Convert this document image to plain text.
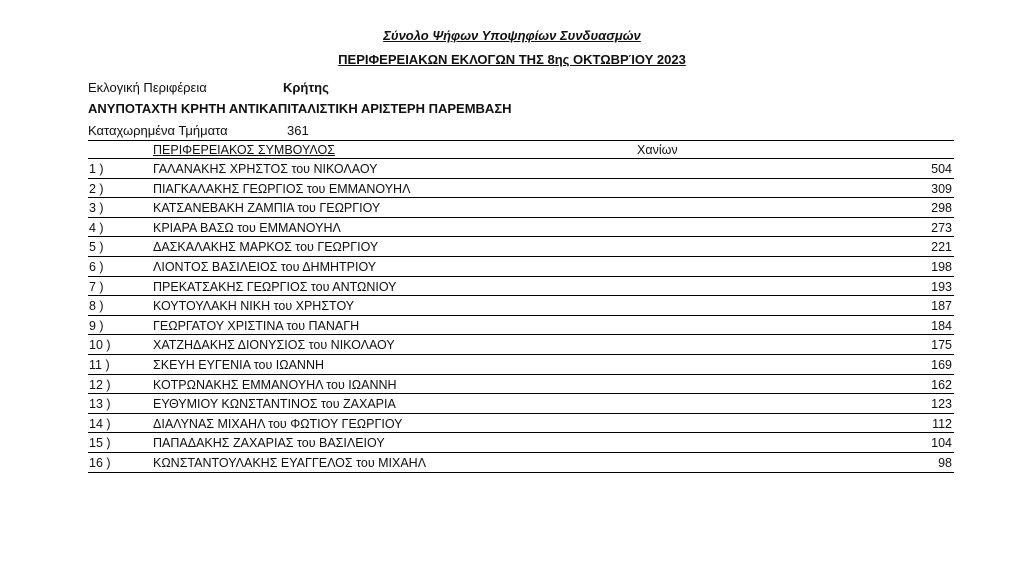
Σύνολο Ψήφων Υποψηφίων Συνδυασμών
ΠΕΡΙΦΕΡΕΙΑΚΩΝ ΕΚΛΟΓΩΝ ΤΗΣ 8ης ΟΚΤΩΒΡΊΟΥ 2023
Εκλογική Περιφέρεια	Κρήτης
ΑΝΥΠΟΤΑΧΤΗ ΚΡΗΤΗ ΑΝΤΙΚΑΠΙΤΑΛΙΣΤΙΚΗ ΑΡΙΣΤΕΡΗ ΠΑΡΕΜΒΑΣΗ
Καταχωρημένα Τμήματα	361
ΠΕΡΙΦΕΡΕΙΑΚΟΣ ΣΥΜΒΟΥΛΟΣ	Χανίων
1 )	ΓΑΛΑΝΑΚΗΣ ΧΡΗΣΤΟΣ του ΝΙΚΟΛΑΟΥ	504
2 )	ΠΙΑΓΚΑΛΑΚΗΣ ΓΕΩΡΓΙΟΣ του ΕΜΜΑΝΟΥΗΛ	309
3 )	ΚΑΤΣΑΝΕΒΑΚΗ ΖΑΜΠΙΑ του ΓΕΩΡΓΙΟΥ	298
4 )	ΚΡΙΑΡΑ ΒΑΣΩ του ΕΜΜΑΝΟΥΗΛ	273
5 )	ΔΑΣΚΑΛΑΚΗΣ ΜΑΡΚΟΣ του ΓΕΩΡΓΙΟΥ	221
6 )	ΛΙΟΝΤΟΣ ΒΑΣΙΛΕΙΟΣ του ΔΗΜΗΤΡΙΟΥ	198
7 )	ΠΡΕΚΑΤΣΑΚΗΣ ΓΕΩΡΓΙΟΣ του ΑΝΤΩΝΙΟΥ	193
8 )	ΚΟΥΤΟΥΛΑΚΗ ΝΙΚΗ του ΧΡΗΣΤΟΥ	187
9 )	ΓΕΩΡΓΑΤΟΥ ΧΡΙΣΤΙΝΑ του ΠΑΝΑΓΗ	184
10 )	ΧΑΤΖΗΔΑΚΗΣ ΔΙΟΝΥΣΙΟΣ του ΝΙΚΟΛΑΟΥ	175
11 )	ΣΚΕΥΗ ΕΥΓΕΝΙΑ του ΙΩΑΝΝΗ	169
12 )	ΚΟΤΡΩΝΑΚΗΣ ΕΜΜΑΝΟΥΗΛ του ΙΩΑΝΝΗ	162
13 )	ΕΥΘΥΜΙΟΥ ΚΩΝΣΤΑΝΤΙΝΟΣ του ΖΑΧΑΡΙΑ	123
14 )	ΔΙΑΛΥΝΑΣ ΜΙΧΑΗΛ του ΦΩΤΙΟΥ ΓΕΩΡΓΙΟΥ	112
15 )	ΠΑΠΑΔΑΚΗΣ ΖΑΧΑΡΙΑΣ του ΒΑΣΙΛΕΙΟΥ	104
16 )	ΚΩΝΣΤΑΝΤΟΥΛΑΚΗΣ ΕΥΑΓΓΕΛΟΣ του ΜΙΧΑΗΛ	98
